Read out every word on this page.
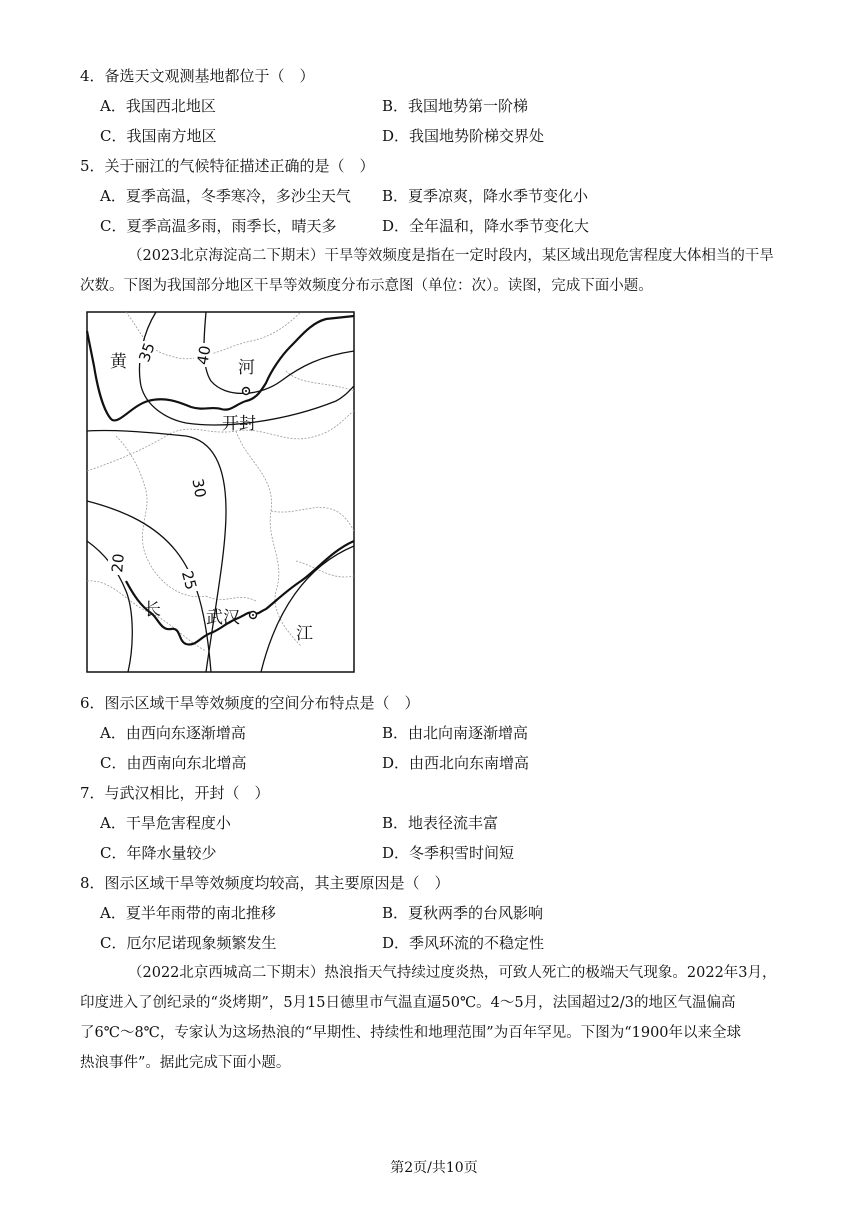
4．备选天文观测基地都位于（　）
A．我国西北地区	B．我国地势第一阶梯
C．我国南方地区	D．我国地势阶梯交界处
5．关于丽江的气候特征描述正确的是（　）
A．夏季高温，冬季寒冷，多沙尘天气 B．夏季凉爽，降水季节变化小
C．夏季高温多雨，雨季长，晴天多	D．全年温和，降水季节变化大
（2023北京海淀高二下期末）干旱等效频度是指在一定时段内，某区域出现危害程度大体相当的干旱
次数。下图为我国部分地区干旱等效频度分布示意图（单位：次）。读图，完成下面小题。
35 40
30
25
20
黄	河
开封
长	武汉
江
6．图示区域干旱等效频度的空间分布特点是（　）
A．由西向东逐渐增高	B．由北向南逐渐增高
C．由西南向东北增高	D．由西北向东南增高
7．与武汉相比，开封（　）
A．干旱危害程度小	B．地表径流丰富
C．年降水量较少	D．冬季积雪时间短
8．图示区域干旱等效频度均较高，其主要原因是（　）
A．夏半年雨带的南北推移	B．夏秋两季的台风影响
C．厄尔尼诺现象频繁发生	D．季风环流的不稳定性
（2022北京西城高二下期末）热浪指天气持续过度炎热，可致人死亡的极端天气现象。2022年3月，
印度进入了创纪录的“炎烤期”，5月15日德里市气温直逼50℃。4～5月，法国超过2/3的地区气温偏高
了6℃～8℃，专家认为这场热浪的“早期性、持续性和地理范围”为百年罕见。下图为“1900年以来全球
热浪事件”。据此完成下面小题。
第2页/共10页
